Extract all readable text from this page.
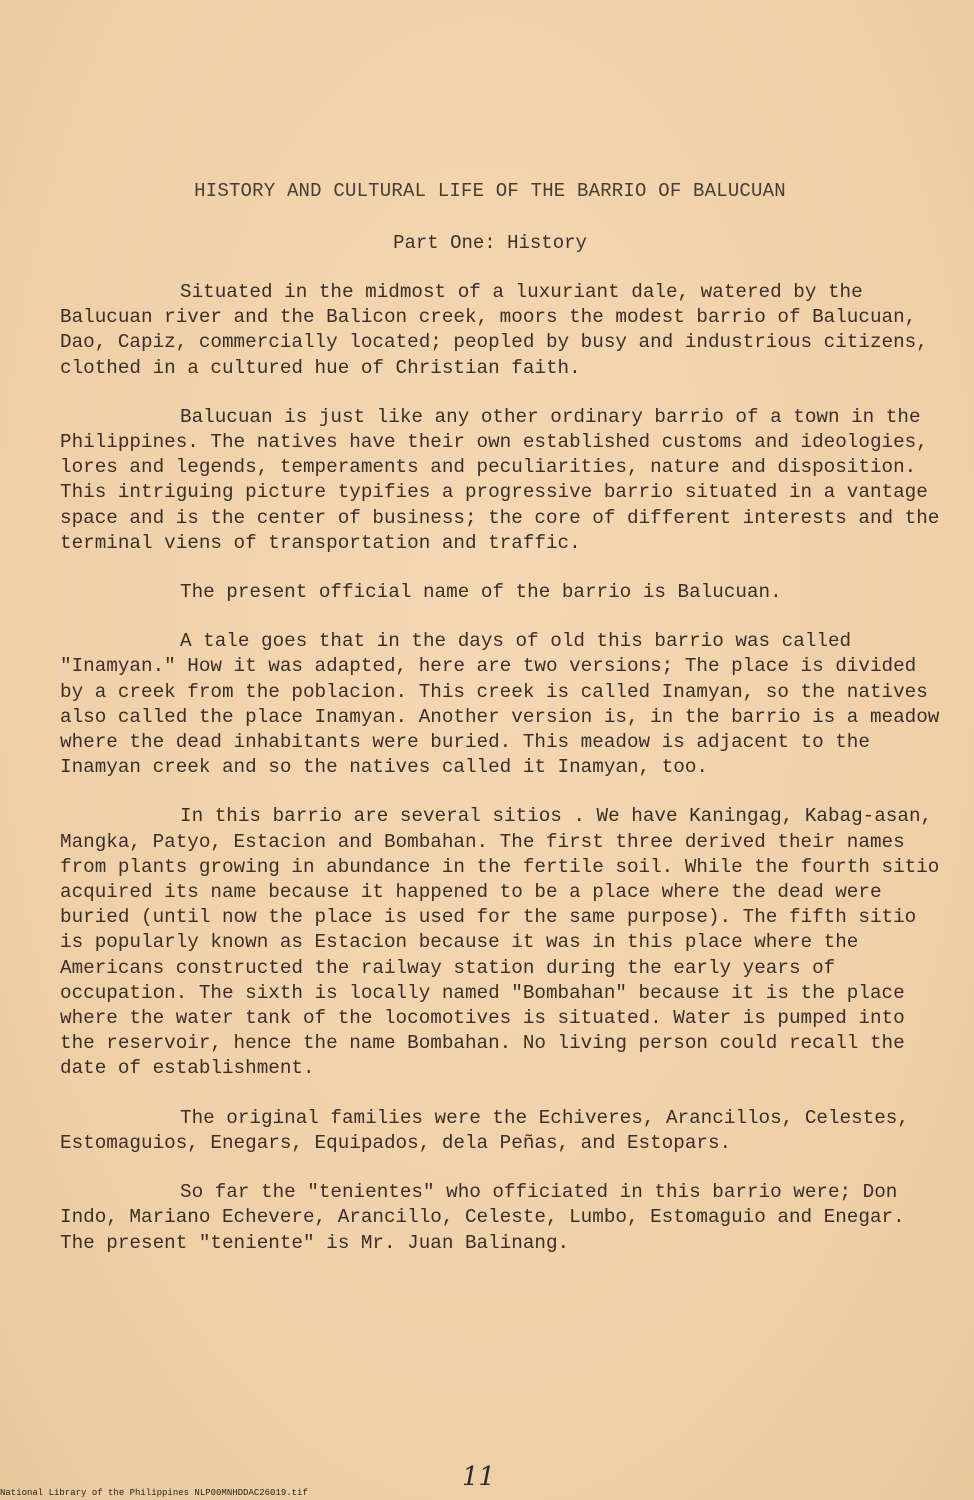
HISTORY AND CULTURAL LIFE OF THE BARRIO OF BALUCUAN
Part One: History

Situated in the midmost of a luxuriant dale, watered by the Balucuan river and the Balicon creek, moors the modest barrio of Balucuan, Dao, Capiz, commercially located; peopled by busy and industrious citizens, clothed in a cultured hue of Christian faith.

Balucuan is just like any other ordinary barrio of a town in the Philippines. The natives have their own established customs and ideologies, lores and legends, temperaments and peculiarities, nature and disposition. This intriguing picture typifies a progressive barrio situated in a vantage space and is the center of business; the core of different interests and the terminal viens of transportation and traffic.

The present official name of the barrio is Balucuan.

A tale goes that in the days of old this barrio was called "Inamyan." How it was adapted, here are two versions; The place is divided by a creek from the poblacion. This creek is called Inamyan, so the natives also called the place Inamyan. Another version is, in the barrio is a meadow where the dead inhabitants were buried. This meadow is adjacent to the Inamyan creek and so the natives called it Inamyan, too.

In this barrio are several sitios . We have Kaningag, Kabag-asan, Mangka, Patyo, Estacion and Bombahan. The first three derived their names from plants growing in abundance in the fertile soil. While the fourth sitio acquired its name because it happened to be a place where the dead were buried (until now the place is used for the same purpose). The fifth sitio is popularly known as Estacion because it was in this place where the Americans constructed the railway station during the early years of occupation. The sixth is locally named "Bombahan" because it is the place where the water tank of the locomotives is situated. Water is pumped into the reservoir, hence the name Bombahan. No living person could recall the date of establishment.

The original families were the Echiveres, Arancillos, Celestes, Estomaguios, Enegars, Equipados, dela Peñas, and Estopars.

So far the "tenientes" who officiated in this barrio were; Don Indo, Mariano Echevere, Arancillo, Celeste, Lumbo, Estomaguio and Enegar. The present "teniente" is Mr. Juan Balinang.

11
National Library of the Philippines NLP00MNHDDAC26019.tif
